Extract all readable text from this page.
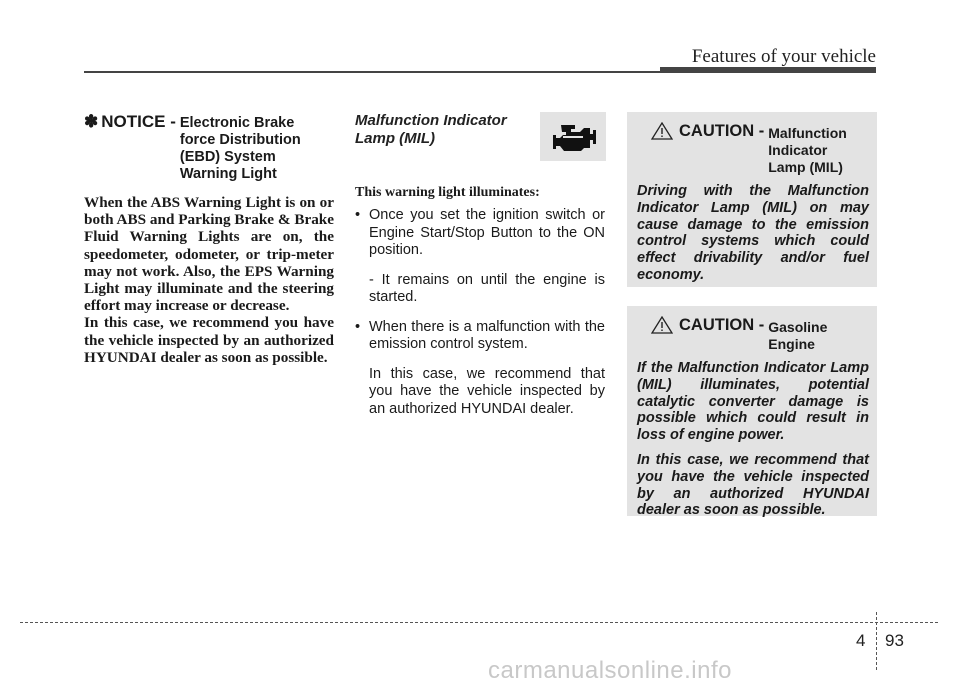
Features of your vehicle
✽ NOTICE - Electronic Brake
force Distribution
(EBD) System
Warning Light

When the ABS Warning Light is on or both ABS and Parking Brake & Brake Fluid Warning Lights are on, the speedometer, odometer, or trip-meter may not work. Also, the EPS Warning Light may illuminate and the steering effort may increase or decrease.

In this case, we recommend you have the vehicle inspected by an authorized HYUNDAI dealer as soon as possible.

Malfunction Indicator
Lamp (MIL)
This warning light illuminates:
• Once you set the ignition switch or Engine Start/Stop Button to the ON position.

- It remains on until the engine is started.

• When there is a malfunction with the emission control system.

In this case, we recommend that you have the vehicle inspected by an authorized HYUNDAI dealer.

CAUTION - Malfunction
Indicator
Lamp (MIL)

Driving with the Malfunction Indicator Lamp (MIL) on may cause damage to the emission control systems which could effect drivability and/or fuel economy.

CAUTION - Gasoline
Engine

If the Malfunction Indicator Lamp (MIL) illuminates, potential catalytic converter damage is possible which could result in loss of engine power.

In this case, we recommend that you have the vehicle inspected by an authorized HYUNDAI dealer as soon as possible.

4 93
carmanualsonline.info
